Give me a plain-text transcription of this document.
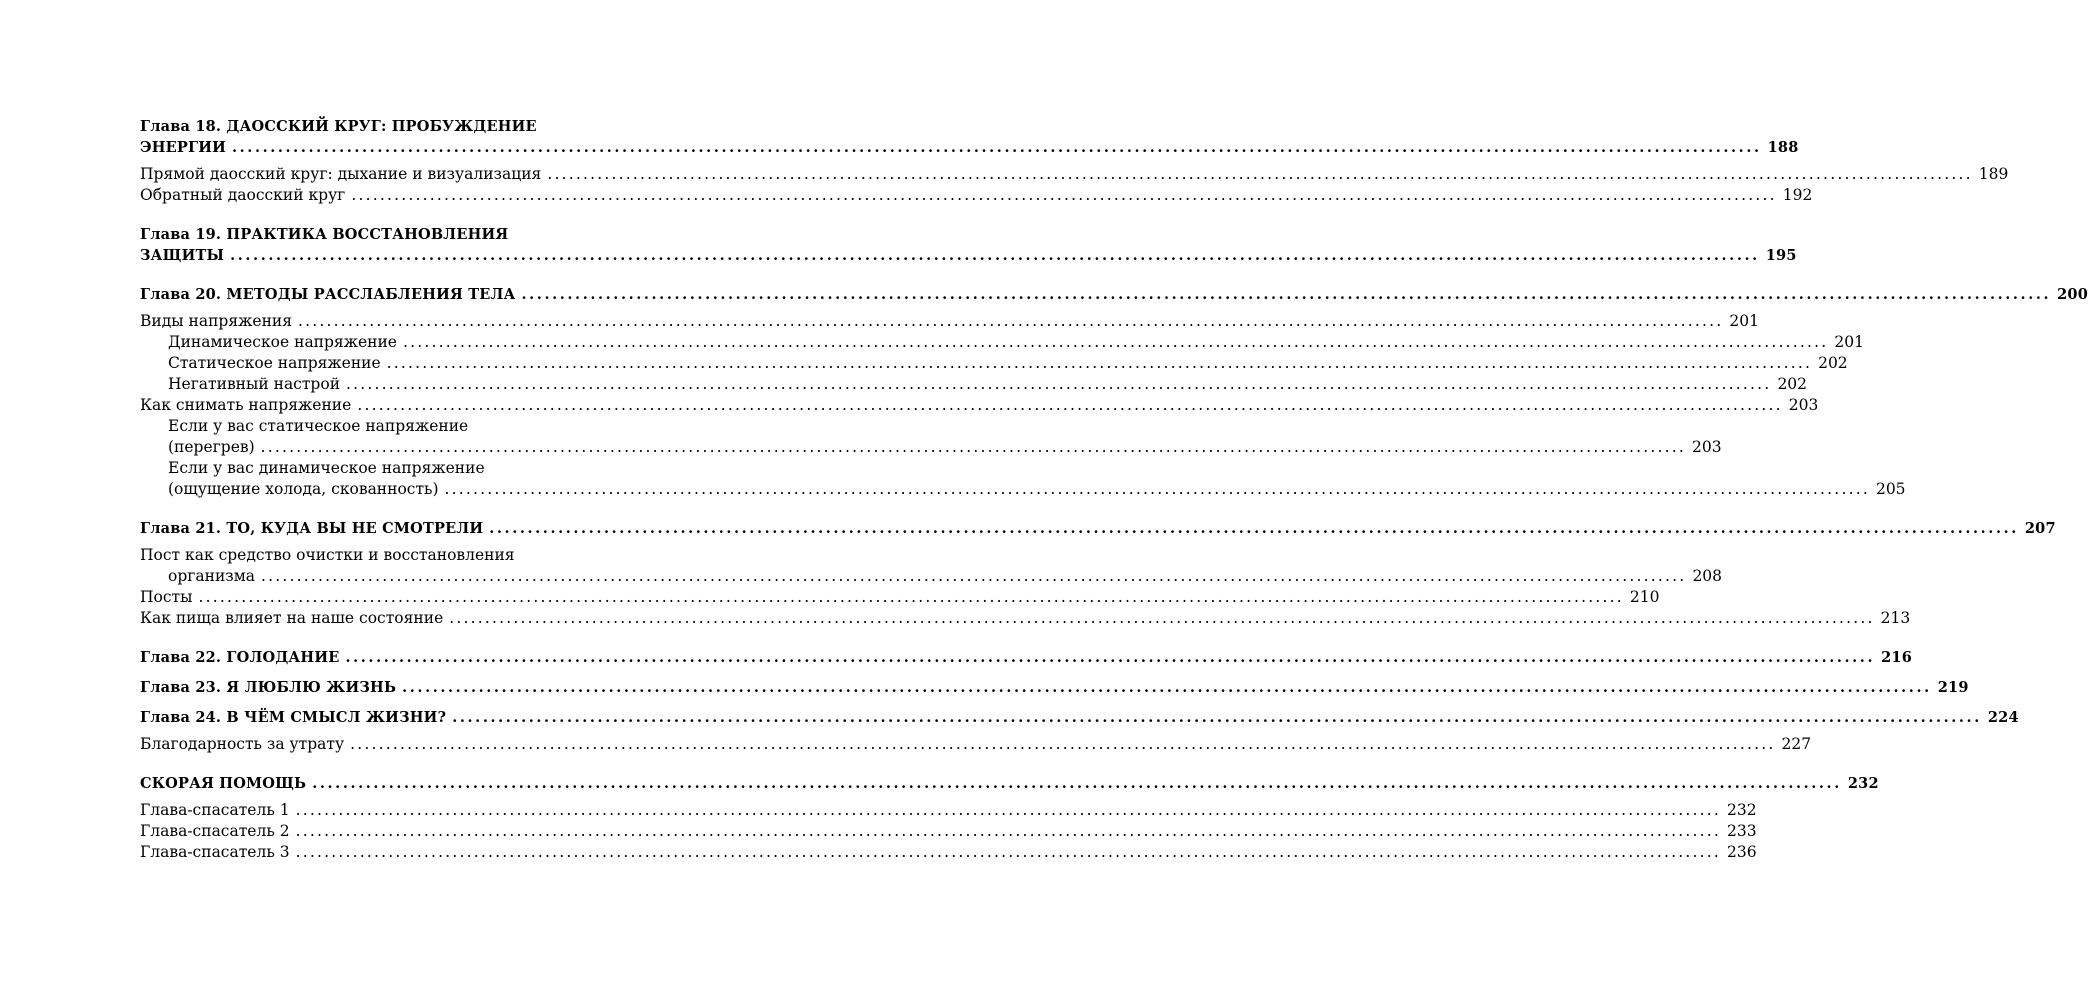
Глава 18. ДАОССКИЙ КРУГ: ПРОБУЖДЕНИЕ
ЭНЕРГИИ ........................................................................................................................................................................................................ 188
Прямой даосский круг: дыхание и визуализация ........................................................................................................................................................................................................ 189
Обратный даосский круг ........................................................................................................................................................................................................ 192
Глава 19. ПРАКТИКА ВОССТАНОВЛЕНИЯ
ЗАЩИТЫ ........................................................................................................................................................................................................ 195
Глава 20. МЕТОДЫ РАССЛАБЛЕНИЯ ТЕЛА ........................................................................................................................................................................................................ 200
Виды напряжения ........................................................................................................................................................................................................ 201
Динамическое напряжение ........................................................................................................................................................................................................ 201
Статическое напряжение ........................................................................................................................................................................................................ 202
Негативный настрой ........................................................................................................................................................................................................ 202
Как снимать напряжение ........................................................................................................................................................................................................ 203
Если у вас статическое напряжение
(перегрев) ........................................................................................................................................................................................................ 203
Если у вас динамическое напряжение
(ощущение холода, скованность) ........................................................................................................................................................................................................ 205
Глава 21. ТО, КУДА ВЫ НЕ СМОТРЕЛИ ........................................................................................................................................................................................................ 207
Пост как средство очистки и восстановления
организма ........................................................................................................................................................................................................ 208
Посты ........................................................................................................................................................................................................ 210
Как пища влияет на наше состояние ........................................................................................................................................................................................................ 213
Глава 22. ГОЛОДАНИЕ ........................................................................................................................................................................................................ 216
Глава 23. Я ЛЮБЛЮ ЖИЗНЬ ........................................................................................................................................................................................................ 219
Глава 24. В ЧЁМ СМЫСЛ ЖИЗНИ? ........................................................................................................................................................................................................ 224
Благодарность за утрату ........................................................................................................................................................................................................ 227
СКОРАЯ ПОМОЩЬ ........................................................................................................................................................................................................ 232
Глава-спасатель 1 ........................................................................................................................................................................................................ 232
Глава-спасатель 2 ........................................................................................................................................................................................................ 233
Глава-спасатель 3 ........................................................................................................................................................................................................ 236
